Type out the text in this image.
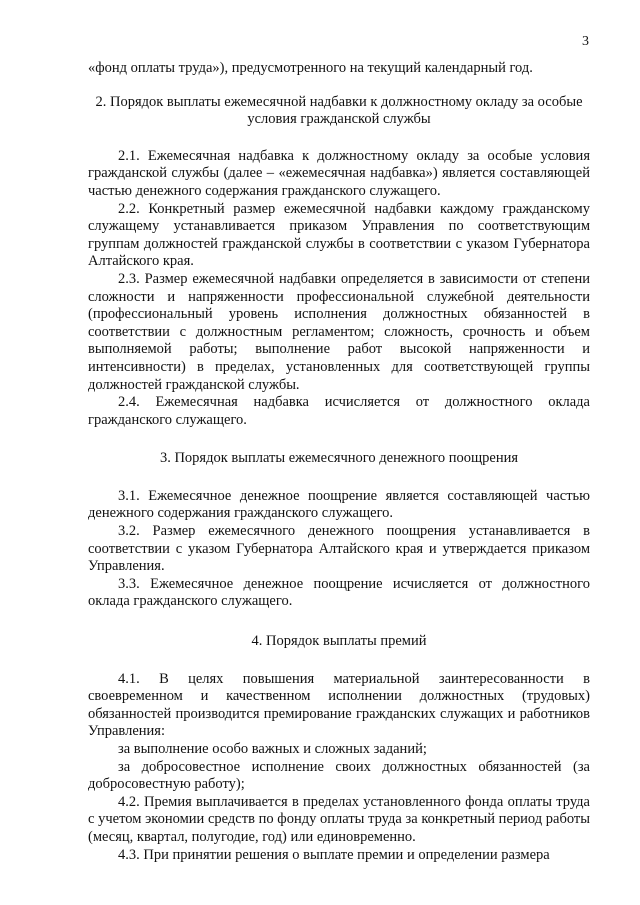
3

«фонд оплаты труда»), предусмотренного на текущий календарный год.

2. Порядок выплаты ежемесячной надбавки к должностному окладу за особые условия гражданской службы

2.1. Ежемесячная надбавка к должностному окладу за особые условия гражданской службы (далее – «ежемесячная надбавка») является составляющей частью денежного содержания гражданского служащего.

2.2. Конкретный размер ежемесячной надбавки каждому гражданскому служащему устанавливается приказом Управления по соответствующим группам должностей гражданской службы в соответствии с указом Губернатора Алтайского края.

2.3. Размер ежемесячной надбавки определяется в зависимости от степени сложности и напряженности профессиональной служебной деятельности (профессиональный уровень исполнения должностных обязанностей в соответствии с должностным регламентом; сложность, срочность и объем выполняемой работы; выполнение работ высокой напряженности и интенсивности) в пределах, установленных для соответствующей группы должностей гражданской службы.

2.4. Ежемесячная надбавка исчисляется от должностного оклада гражданского служащего.

3. Порядок выплаты ежемесячного денежного поощрения

3.1. Ежемесячное денежное поощрение является составляющей частью денежного содержания гражданского служащего.

3.2. Размер ежемесячного денежного поощрения устанавливается в соответствии с указом Губернатора Алтайского края и утверждается приказом Управления.

3.3. Ежемесячное денежное поощрение исчисляется от должностного оклада гражданского служащего.

4. Порядок выплаты премий

4.1. В целях повышения материальной заинтересованности в своевременном и качественном исполнении должностных (трудовых) обязанностей производится премирование гражданских служащих и работников Управления:

за выполнение особо важных и сложных заданий;

за добросовестное исполнение своих должностных обязанностей (за добросовестную работу);

4.2. Премия выплачивается в пределах установленного фонда оплаты труда с учетом экономии средств по фонду оплаты труда за конкретный период работы (месяц, квартал, полугодие, год) или единовременно.

4.3. При принятии решения о выплате премии и определении размера
